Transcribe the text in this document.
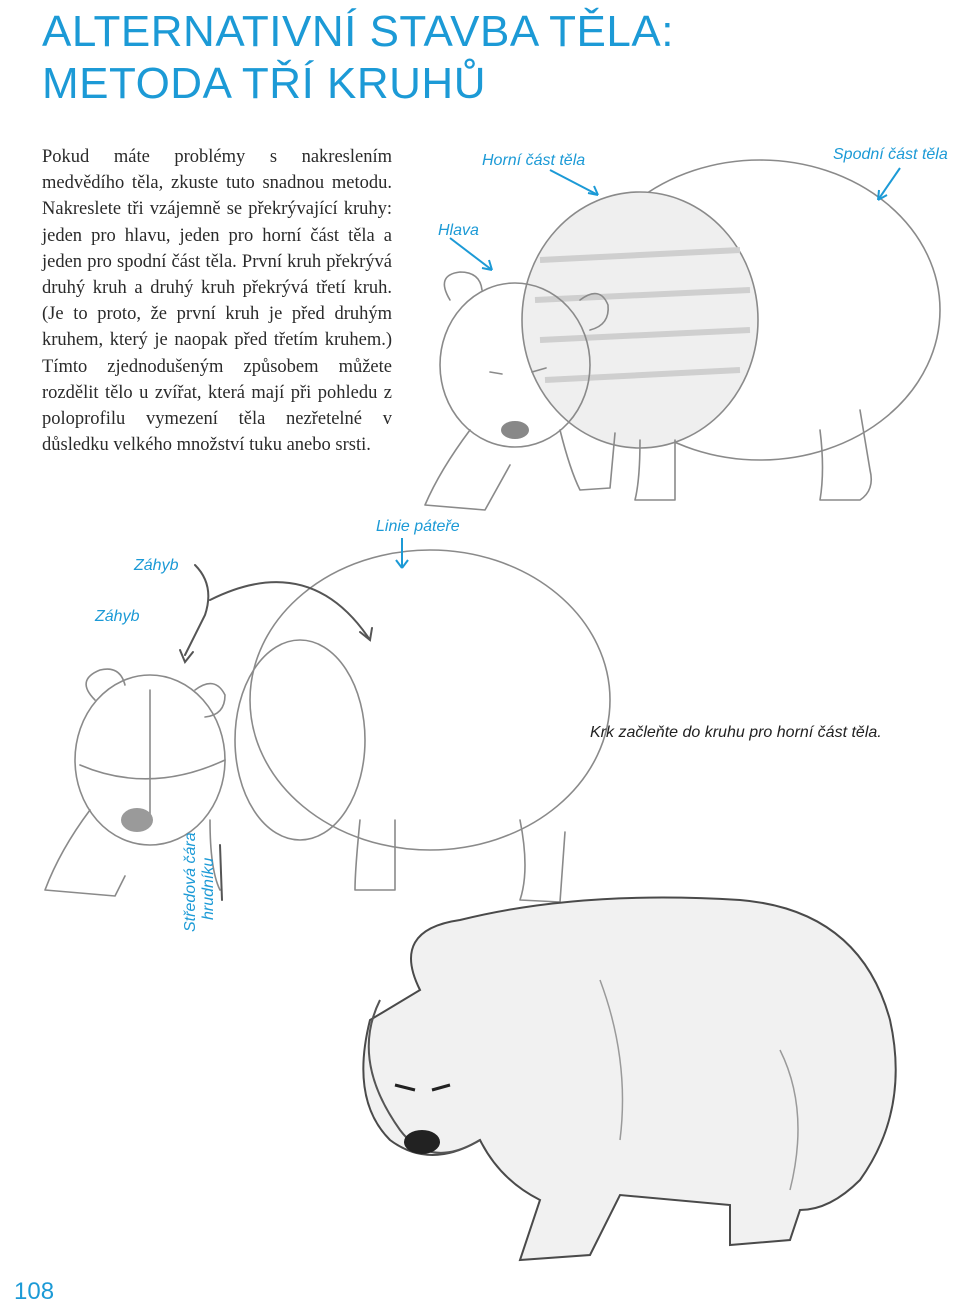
ALTERNATIVNÍ STAVBA TĚLA:
METODA TŘÍ KRUHŮ

Pokud máte problémy s nakreslením medvědího těla, zkuste tuto snadnou metodu. Nakreslete tři vzájemně se překrývající kruhy: jeden pro hlavu, jeden pro horní část těla a jeden pro spodní část těla. První kruh překrývá druhý kruh a druhý kruh překrývá třetí kruh. (Je to proto, že první kruh je před druhým kruhem, který je naopak před třetím kruhem.) Tímto zjednodušeným způsobem můžete rozdělit tělo u zvířat, která mají při pohledu z poloprofilu vymezení těla nezřetelné v důsledku velkého množství tuku anebo srsti.

Horní část těla	Spodní část těla
Hlava
Linie páteře
Záhyb
Záhyb
Krk začleňte do kruhu pro horní část těla.
Středová čára hrudníku
108
